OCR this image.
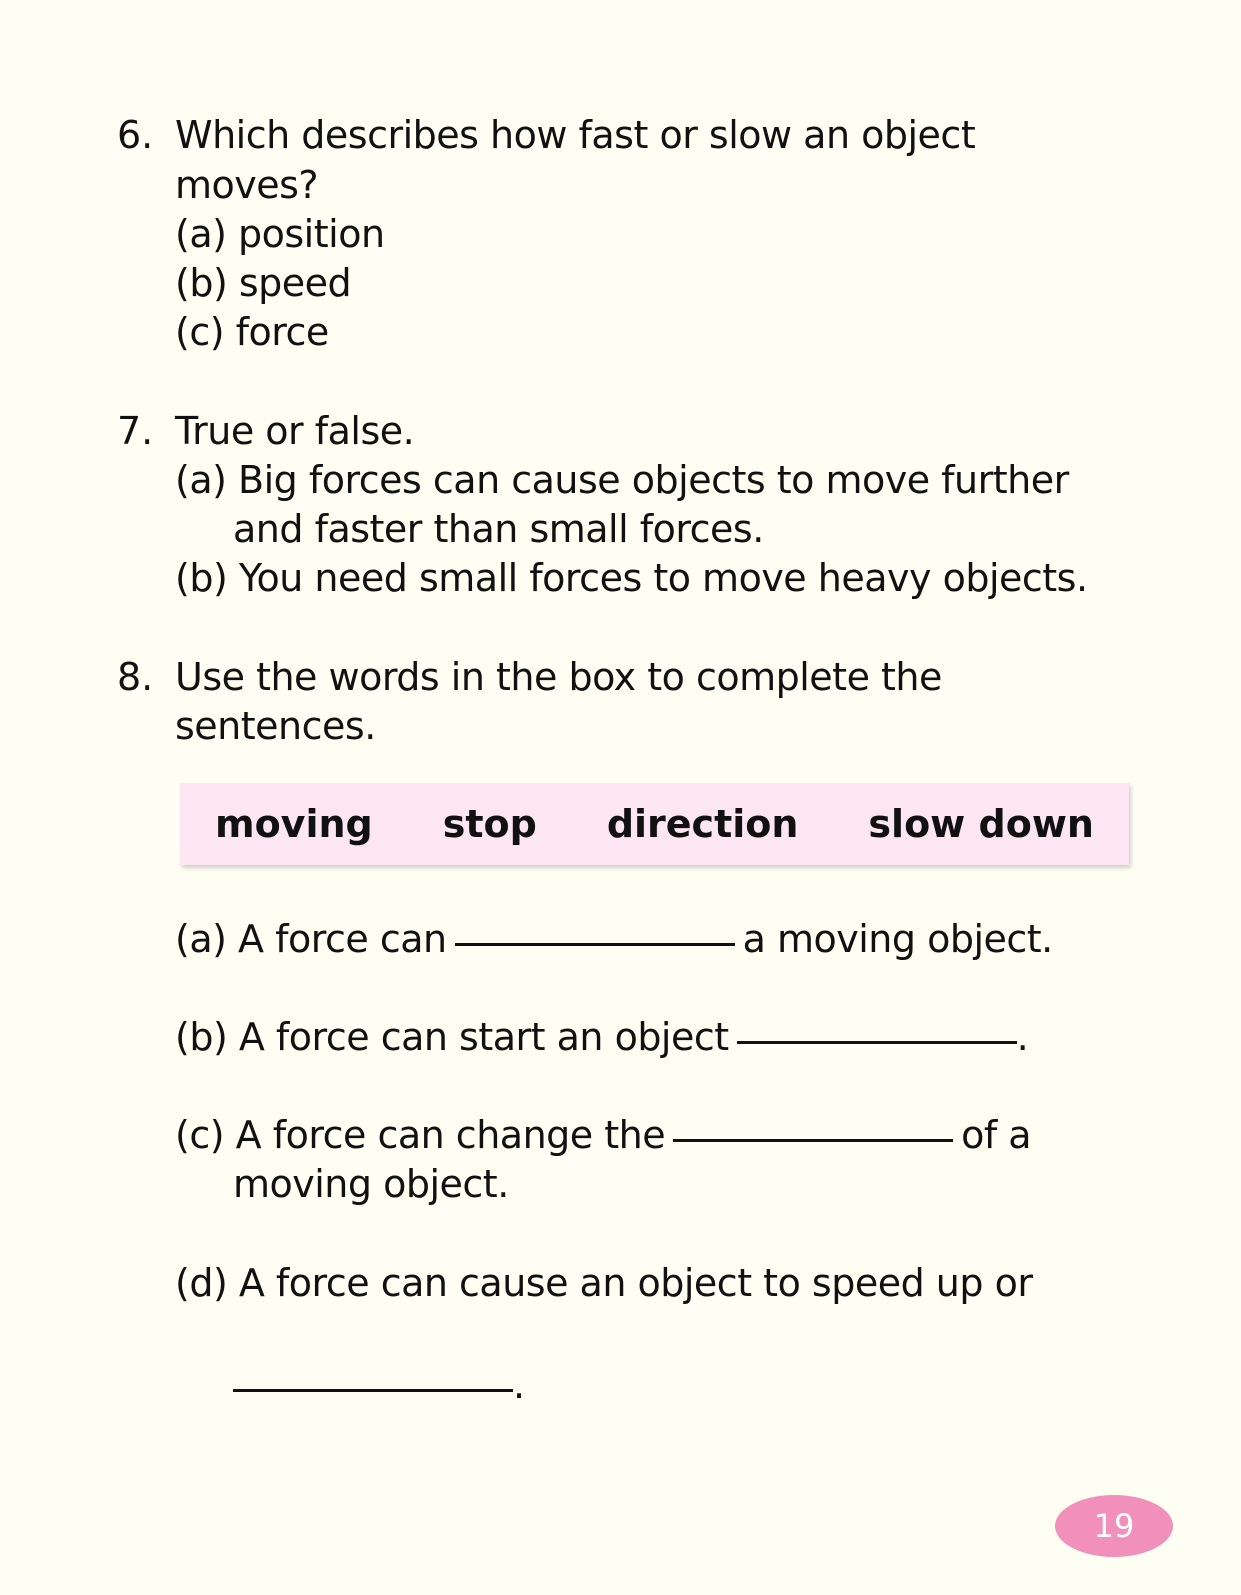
6. Which describes how fast or slow an object
moves?
(a) position
(b) speed
(c) force
7. True or false.
(a) Big forces can cause objects to move further
and faster than small forces.
(b) You need small forces to move heavy objects.
8. Use the words in the box to complete the
sentences.
moving stop direction slow down
(a) A force can	a moving object.
(b) A force can start an object	.
(c) A force can change the	of a
moving object.
(d) A force can cause an object to speed up or
.
19
